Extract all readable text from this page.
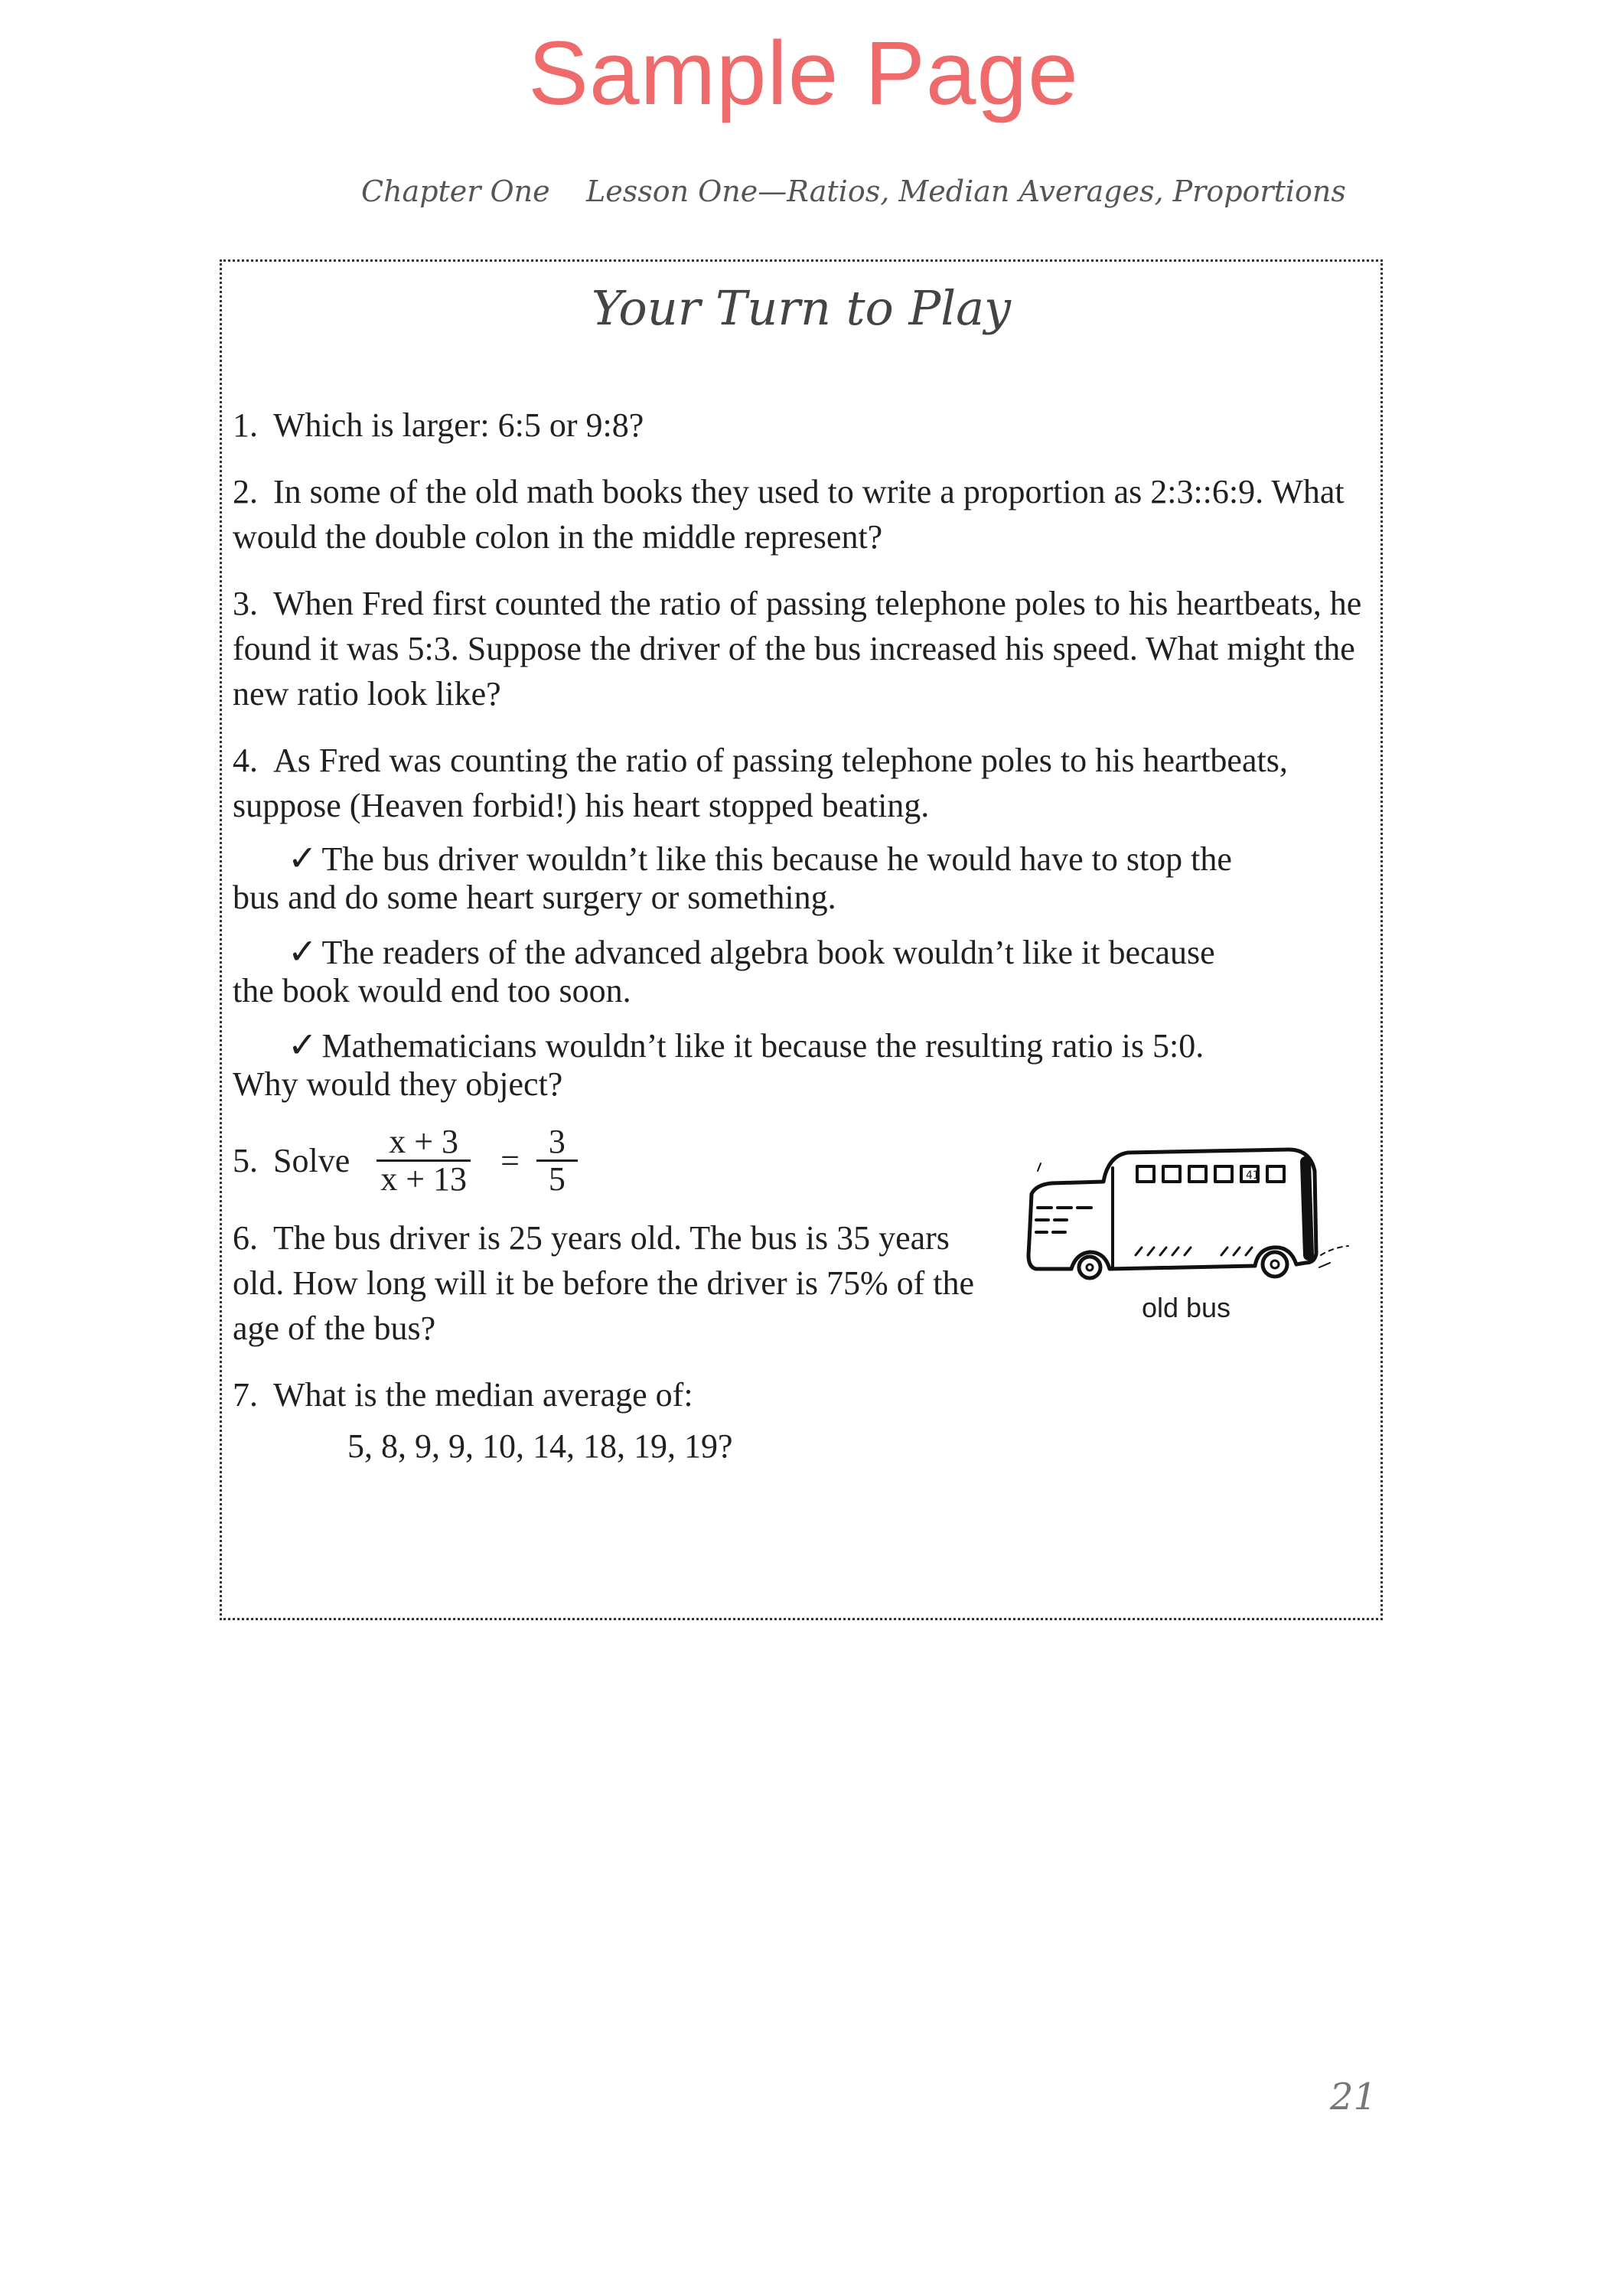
Sample Page
Chapter One Lesson One—Ratios, Median Averages, Proportions
Your Turn to Play
1. Which is larger: 6:5 or 9:8?
2. In some of the old math books they used to write a proportion as 2:3::6:9. What would the double colon in the middle represent?
3. When Fred first counted the ratio of passing telephone poles to his heartbeats, he found it was 5:3. Suppose the driver of the bus increased his speed. What might the new ratio look like?
4. As Fred was counting the ratio of passing telephone poles to his heartbeats, suppose (Heaven forbid!) his heart stopped beating.
✓ The bus driver wouldn’t like this because he would have to stop the
bus and do some heart surgery or something.
✓ The readers of the advanced algebra book wouldn’t like it because
the book would end too soon.
✓ Mathematicians wouldn’t like it because the resulting ratio is 5:0.
Why would they object?
5. Solve $\frac{x + 3}{x + 13} = \frac{3}{5}$
6. The bus driver is 25 years old. The bus is 35 years old. How long will it be before the driver is 75% of the age of the bus?
7. What is the median average of:
5, 8, 9, 9, 10, 14, 18, 19, 19?
41
old bus
21
